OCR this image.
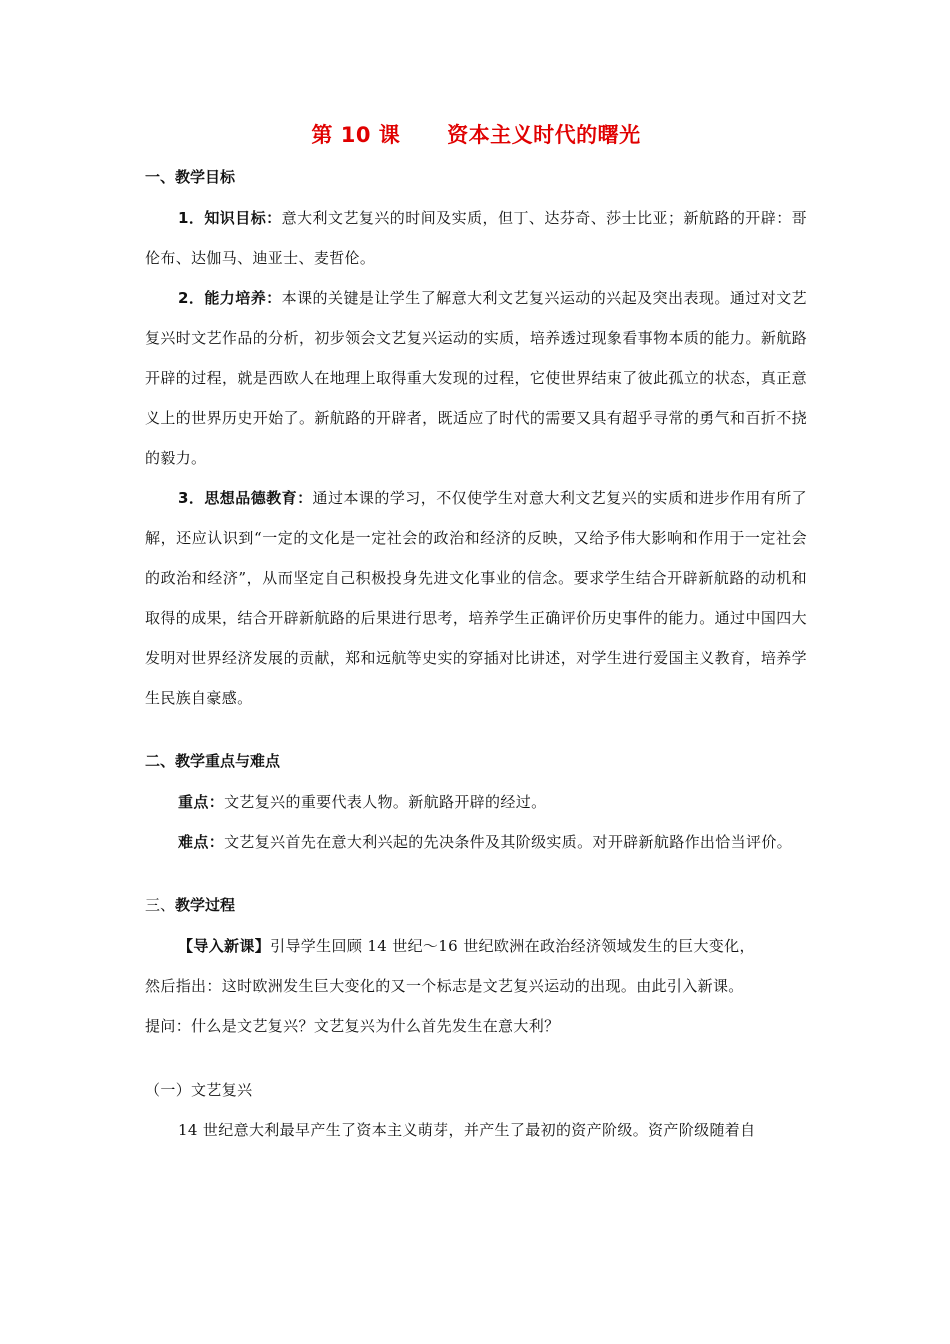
第 10 课      资本主义时代的曙光
一、教学目标

1．知识目标：意大利文艺复兴的时间及实质，但丁、达芬奇、莎士比亚；新航路的开辟：哥伦布、达伽马、迪亚士、麦哲伦。

2．能力培养：本课的关键是让学生了解意大利文艺复兴运动的兴起及突出表现。通过对文艺复兴时文艺作品的分析，初步领会文艺复兴运动的实质，培养透过现象看事物本质的能力。新航路开辟的过程，就是西欧人在地理上取得重大发现的过程，它使世界结束了彼此孤立的状态，真正意义上的世界历史开始了。新航路的开辟者，既适应了时代的需要又具有超乎寻常的勇气和百折不挠的毅力。

3．思想品德教育：通过本课的学习，不仅使学生对意大利文艺复兴的实质和进步作用有所了解，还应认识到“一定的文化是一定社会的政治和经济的反映，又给予伟大影响和作用于一定社会的政治和经济”，从而坚定自己积极投身先进文化事业的信念。要求学生结合开辟新航路的动机和取得的成果，结合开辟新航路的后果进行思考，培养学生正确评价历史事件的能力。通过中国四大发明对世界经济发展的贡献，郑和远航等史实的穿插对比讲述，对学生进行爱国主义教育，培养学生民族自豪感。

二、教学重点与难点

重点：文艺复兴的重要代表人物。新航路开辟的经过。

难点：文艺复兴首先在意大利兴起的先决条件及其阶级实质。对开辟新航路作出恰当评价。

三、教学过程

【导入新课】引导学生回顾 14 世纪～16 世纪欧洲在政治经济领域发生的巨大变化，

然后指出：这时欧洲发生巨大变化的又一个标志是文艺复兴运动的出现。由此引入新课。

提问：什么是文艺复兴？文艺复兴为什么首先发生在意大利？

（一）文艺复兴

14 世纪意大利最早产生了资本主义萌芽，并产生了最初的资产阶级。资产阶级随着自
